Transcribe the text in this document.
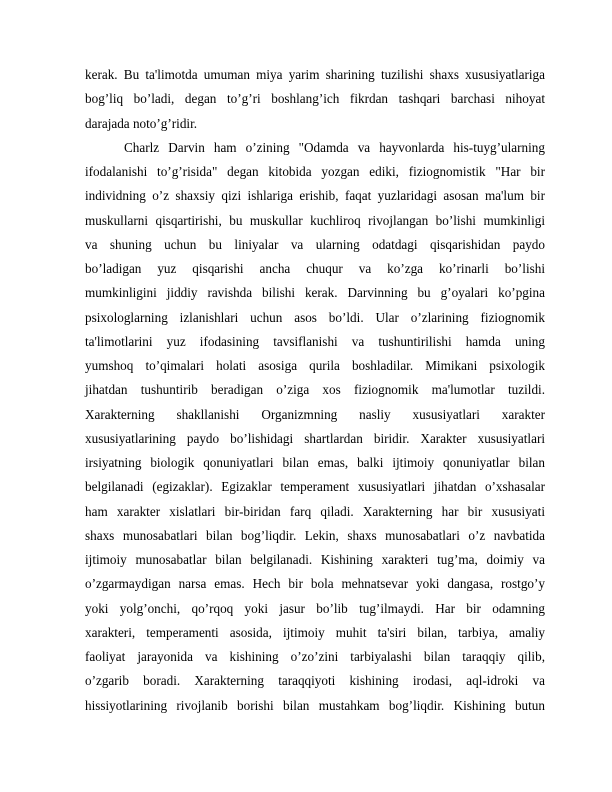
kerak. Bu ta'limotda umuman miya yarim sharining tuzilishi shaxs xususiyatlariga
bog’liq bo’ladi, degan to’g’ri boshlang’ich fikrdan tashqari barchasi nihoyat
darajada noto’g’ridir.
Charlz Darvin ham o’zining "Odamda va hayvonlarda his-tuyg’ularning
ifodalanishi to’g’risida" degan kitobida yozgan ediki, fiziognomistik "Har bir
individning o’z shaxsiy qizi ishlariga erishib, faqat yuzlaridagi asosan ma'lum bir
muskullarni qisqartirishi, bu muskullar kuchliroq rivojlangan bo’lishi mumkinligi
va shuning uchun bu liniyalar va ularning odatdagi qisqarishidan paydo
bo’ladigan yuz qisqarishi ancha chuqur va ko’zga ko’rinarli bo’lishi
mumkinligini jiddiy ravishda bilishi kerak. Darvinning bu g’oyalari ko’pgina
psixologlarning izlanishlari uchun asos bo’ldi. Ular o’zlarining fiziognomik
ta'limotlarini yuz ifodasining tavsiflanishi va tushuntirilishi hamda uning
yumshoq to’qimalari holati asosiga qurila boshladilar. Mimikani psixologik
jihatdan tushuntirib beradigan o’ziga xos fiziognomik ma'lumotlar tuzildi.
Xarakterning shakllanishi Organizmning nasliy xususiyatlari xarakter
xususiyatlarining paydo bo’lishidagi shartlardan biridir. Xarakter xususiyatlari
irsiyatning biologik qonuniyatlari bilan emas, balki ijtimoiy qonuniyatlar bilan
belgilanadi (egizaklar). Egizaklar temperament xususiyatlari jihatdan o’xshasalar
ham xarakter xislatlari bir-biridan farq qiladi. Xarakterning har bir xususiyati
shaxs munosabatlari bilan bog’liqdir. Lekin, shaxs munosabatlari o’z navbatida
ijtimoiy munosabatlar bilan belgilanadi. Kishining xarakteri tug’ma, doimiy va
o’zgarmaydigan narsa emas. Hech bir bola mehnatsevar yoki dangasa, rostgo’y
yoki yolg’onchi, qo’rqoq yoki jasur bo’lib tug’ilmaydi. Har bir odamning
xarakteri, temperamenti asosida, ijtimoiy muhit ta'siri bilan, tarbiya, amaliy
faoliyat jarayonida va kishining o’zo’zini tarbiyalashi bilan taraqqiy qilib,
o’zgarib boradi. Xarakterning taraqqiyoti kishining irodasi, aql-idroki va
hissiyotlarining rivojlanib borishi bilan mustahkam bog’liqdir. Kishining butun
